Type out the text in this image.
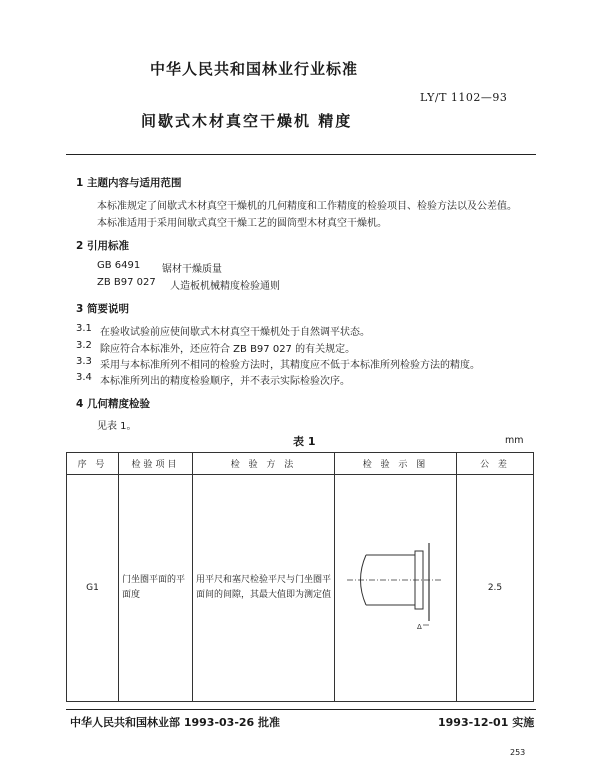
中华人民共和国林业行业标准
LY/T 1102—93
间歇式木材真空干燥机 精度
1 主题内容与适用范围
本标准规定了间歇式木材真空干燥机的几何精度和工作精度的检验项目、检验方法以及公差值。
本标准适用于采用间歇式真空干燥工艺的圆筒型木材真空干燥机。
2 引用标准
GB 6491 锯材干燥质量
ZB B97 027 人造板机械精度检验通则
3 简要说明
3.1 在验收试验前应使间歇式木材真空干燥机处于自然调平状态。
3.2 除应符合本标准外，还应符合 ZB B97 027 的有关规定。
3.3 采用与本标准所列不相同的检验方法时，其精度应不低于本标准所列检验方法的精度。
3.4 本标准所列出的精度检验顺序，并不表示实际检验次序。
4 几何精度检验
见表 1。
表 1	mm
序 号	检验项目	检 验 方 法	检 验 示 图	公 差
G1	门坐圈平面的平面度	用平尺和塞尺检验平尺与门坐圈平面间的间隙，其最大值即为测定值	Δ	2.5
中华人民共和国林业部 1993-03-26 批准	1993-12-01 实施
253
